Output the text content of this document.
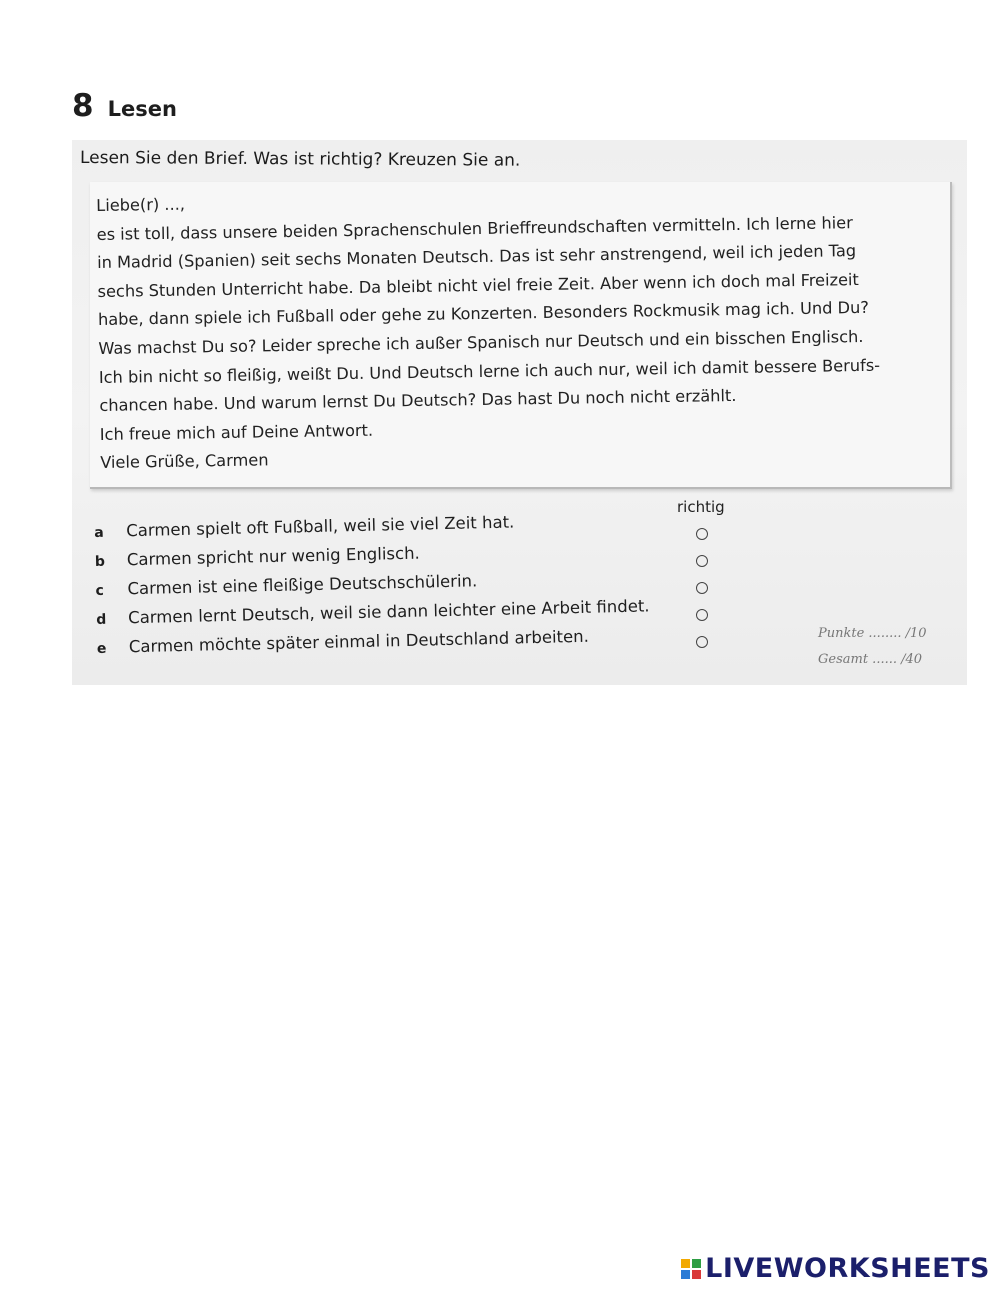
8 Lesen
Lesen Sie den Brief. Was ist richtig? Kreuzen Sie an.
Liebe(r) ...,
es ist toll, dass unsere beiden Sprachenschulen Brieffreundschaften vermitteln. Ich lerne hier
in Madrid (Spanien) seit sechs Monaten Deutsch. Das ist sehr anstrengend, weil ich jeden Tag
sechs Stunden Unterricht habe. Da bleibt nicht viel freie Zeit. Aber wenn ich doch mal Freizeit
habe, dann spiele ich Fußball oder gehe zu Konzerten. Besonders Rockmusik mag ich. Und Du?
Was machst Du so? Leider spreche ich außer Spanisch nur Deutsch und ein bisschen Englisch.
Ich bin nicht so fleißig, weißt Du. Und Deutsch lerne ich auch nur, weil ich damit bessere Berufs-
chancen habe. Und warum lernst Du Deutsch? Das hast Du noch nicht erzählt.
Ich freue mich auf Deine Antwort.
Viele Grüße, Carmen
richtig
a	Carmen spielt oft Fußball, weil sie viel Zeit hat.
b	Carmen spricht nur wenig Englisch.
c	Carmen ist eine fleißige Deutschschülerin.
d	Carmen lernt Deutsch, weil sie dann leichter eine Arbeit findet.
e	Carmen möchte später einmal in Deutschland arbeiten.	Punkte ........ /10
Gesamt ...... /40
LIVEWORKSHEETS
